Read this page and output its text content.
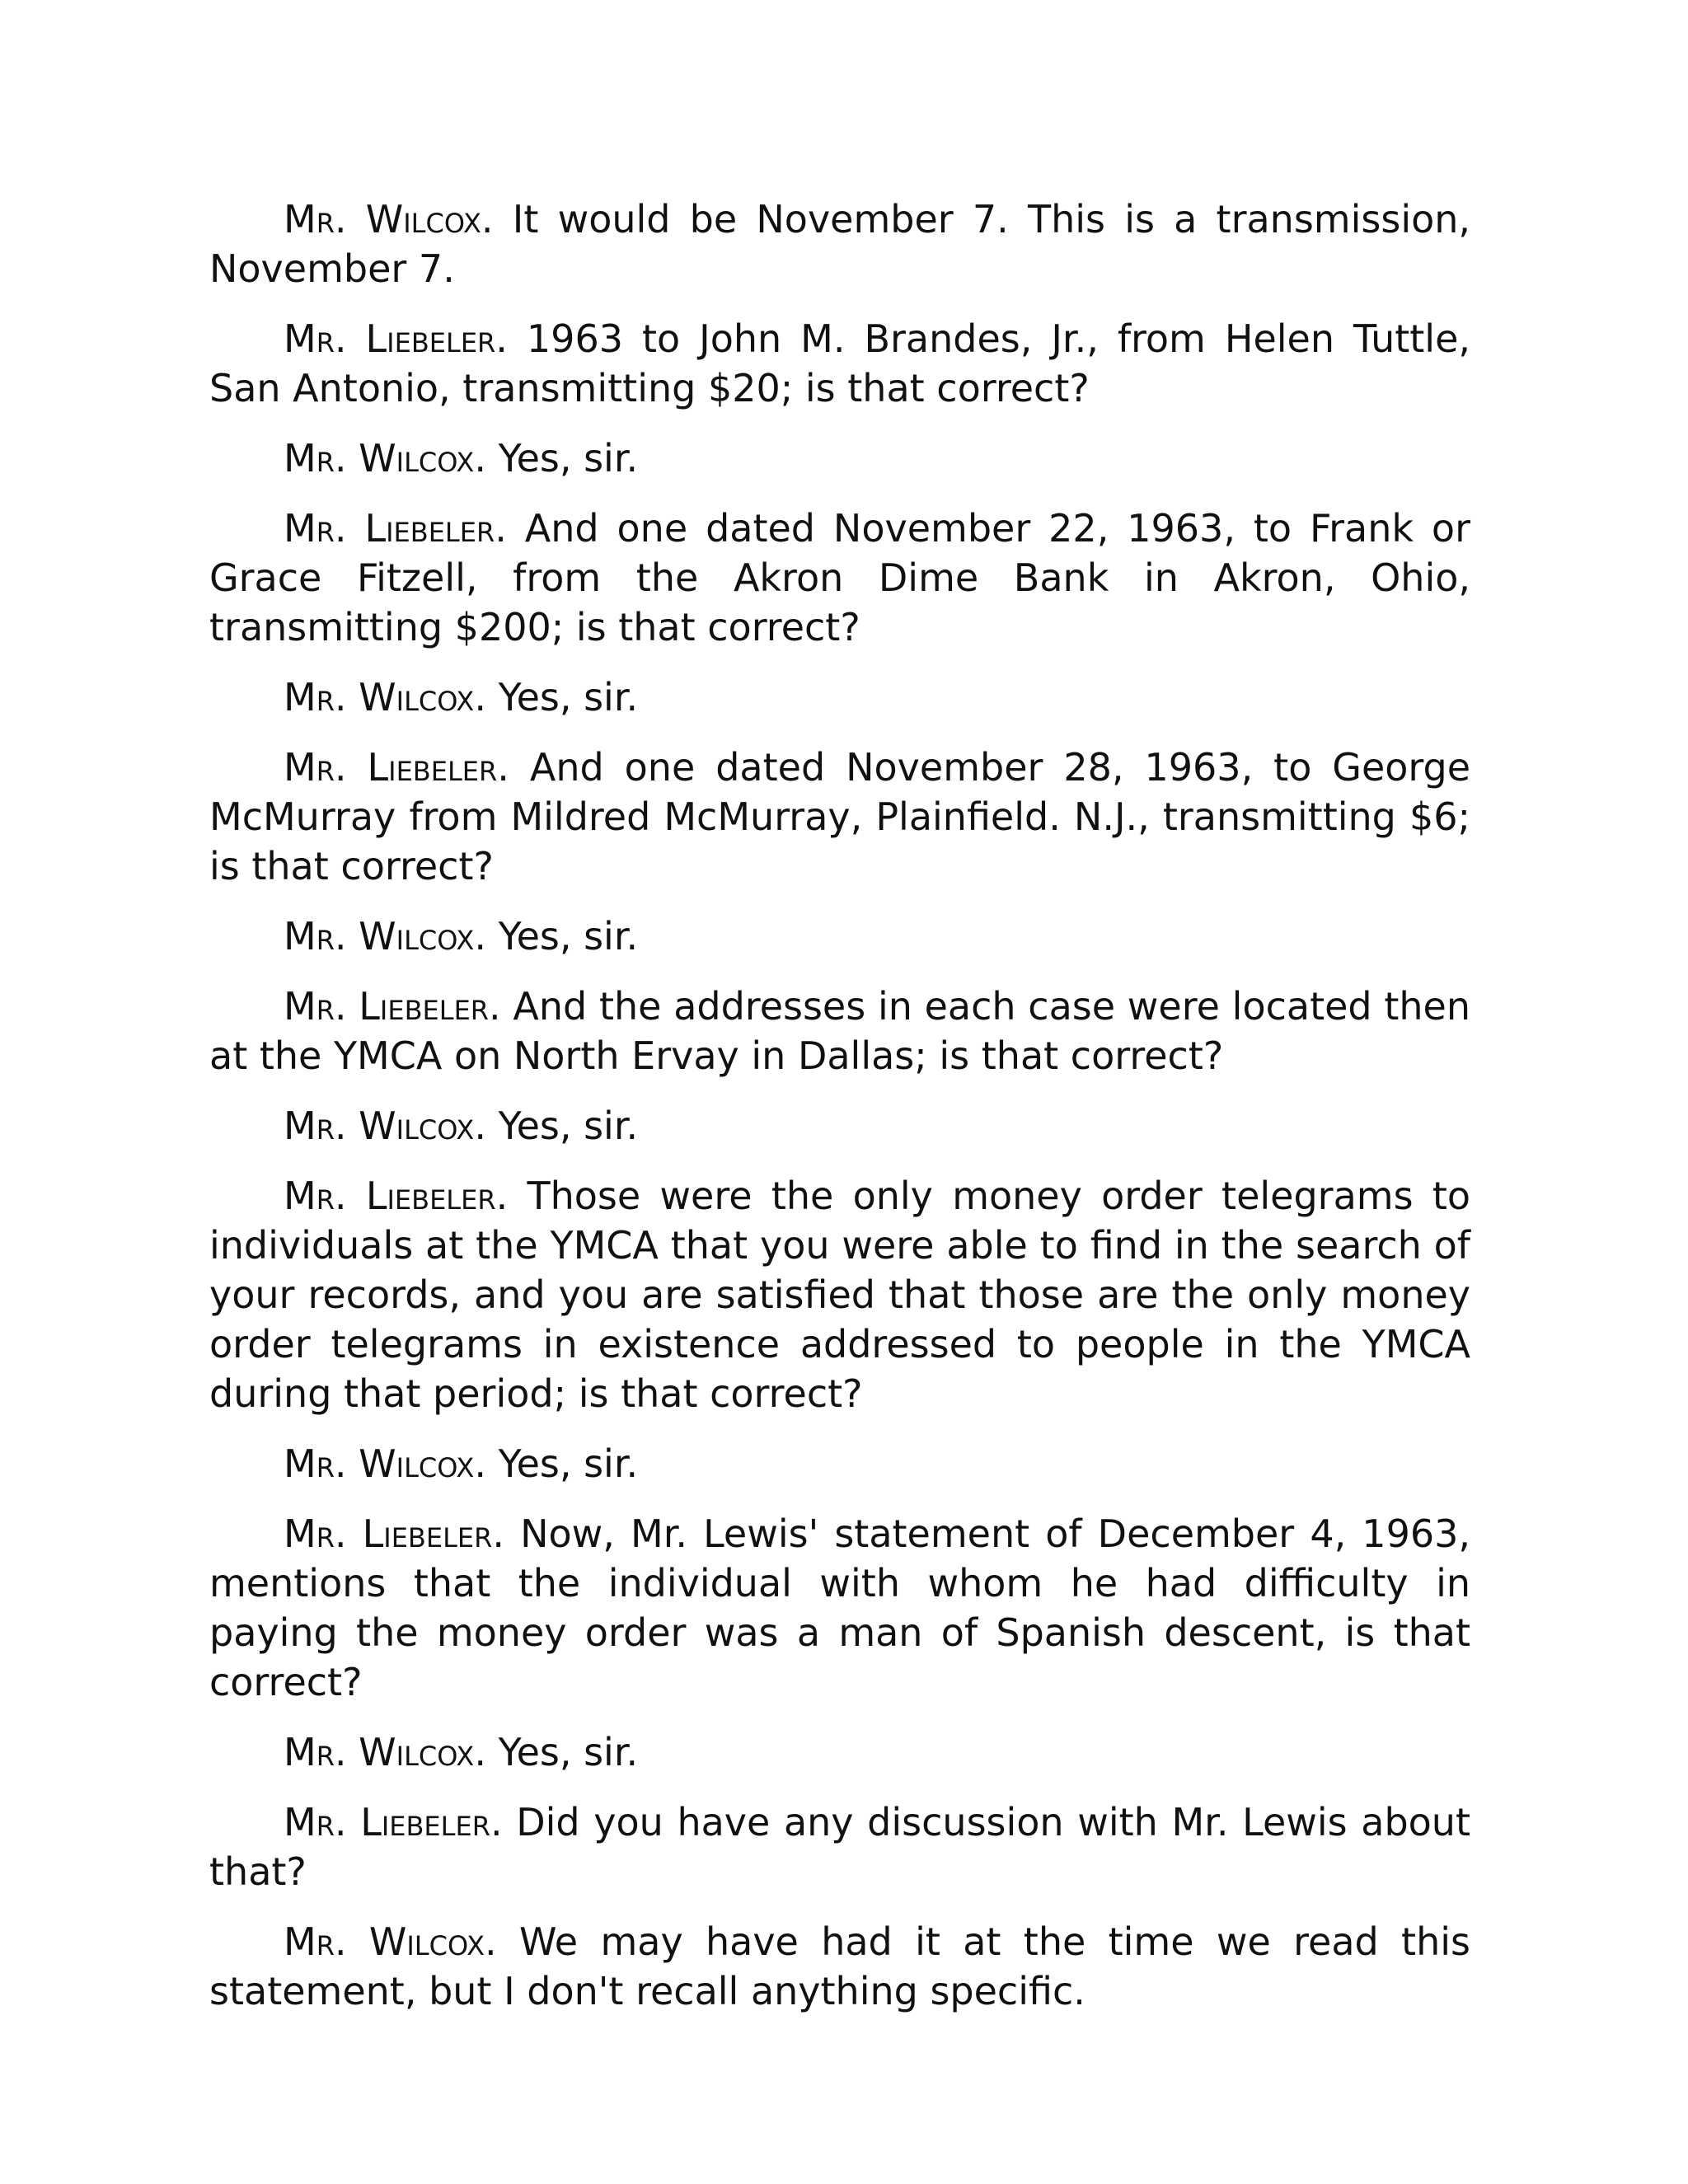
Mr. Wilcox. It would be November 7. This is a transmission, November 7.

Mr. Liebeler. 1963 to John M. Brandes, Jr., from Helen Tuttle, San Antonio, transmitting $20; is that correct?

Mr. Wilcox. Yes, sir.

Mr. Liebeler. And one dated November 22, 1963, to Frank or Grace Fitzell, from the Akron Dime Bank in Akron, Ohio, transmitting $200; is that correct?

Mr. Wilcox. Yes, sir.

Mr. Liebeler. And one dated November 28, 1963, to George McMurray from Mildred McMurray, Plainfield. N.J., transmitting $6; is that correct?

Mr. Wilcox. Yes, sir.

Mr. Liebeler. And the addresses in each case were located then at the YMCA on North Ervay in Dallas; is that correct?

Mr. Wilcox. Yes, sir.

Mr. Liebeler. Those were the only money order telegrams to individuals at the YMCA that you were able to find in the search of your records, and you are satisfied that those are the only money order telegrams in existence addressed to people in the YMCA during that period; is that correct?

Mr. Wilcox. Yes, sir.

Mr. Liebeler. Now, Mr. Lewis' statement of December 4, 1963, mentions that the individual with whom he had difficulty in paying the money order was a man of Spanish descent, is that correct?

Mr. Wilcox. Yes, sir.

Mr. Liebeler. Did you have any discussion with Mr. Lewis about that?

Mr. Wilcox. We may have had it at the time we read this statement, but I don't recall anything specific.
